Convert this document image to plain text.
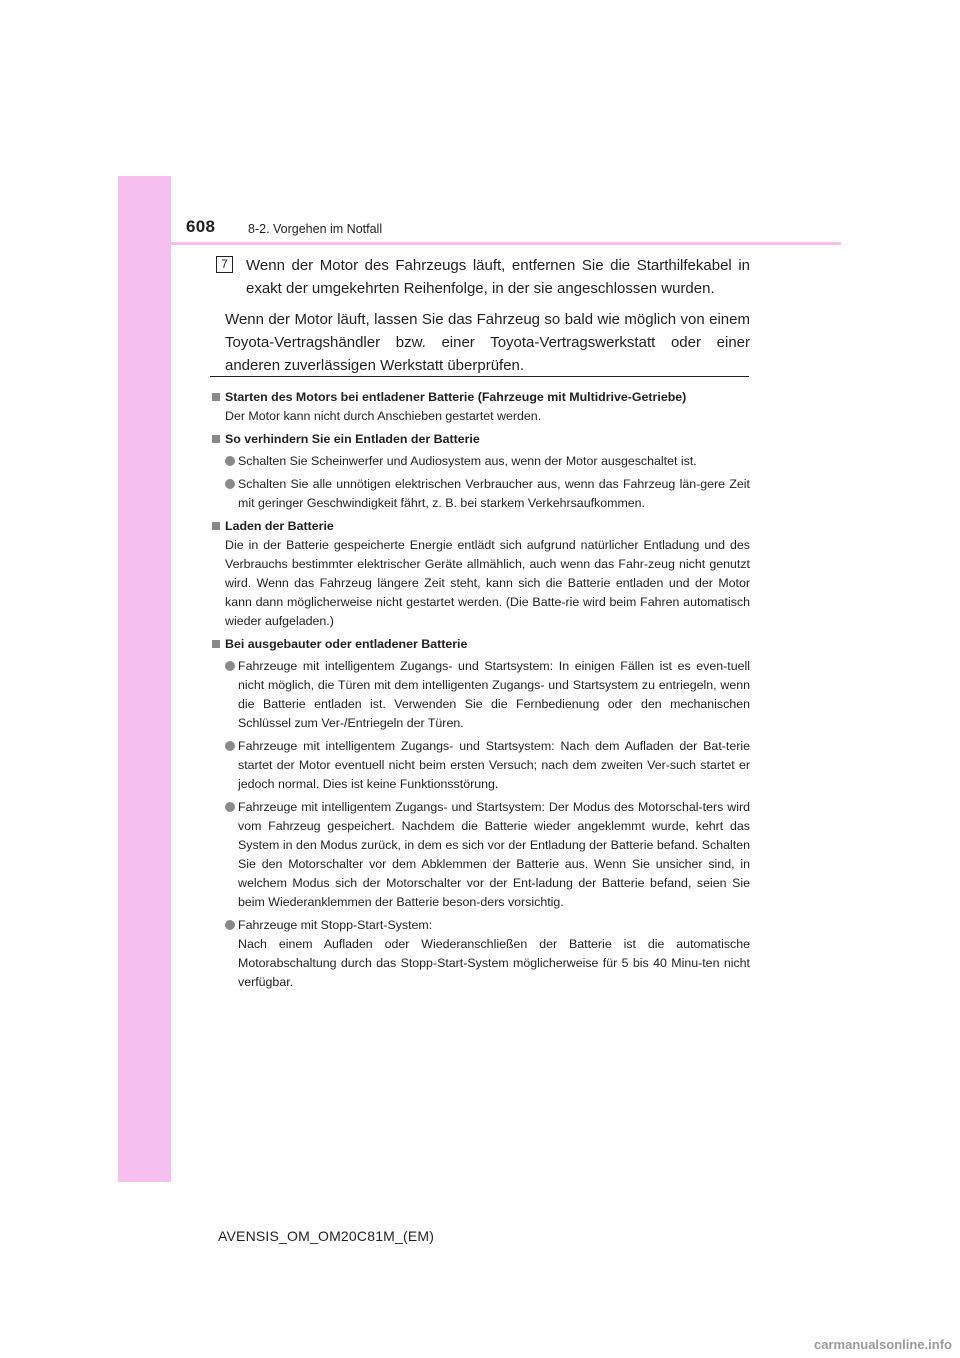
608	8-2. Vorgehen im Notfall
7	Wenn der Motor des Fahrzeugs läuft, entfernen Sie die Starthilfekabel in exakt der umgekehrten Reihenfolge, in der sie angeschlossen wurden.

Wenn der Motor läuft, lassen Sie das Fahrzeug so bald wie möglich von einem Toyota-Vertragshändler bzw. einer Toyota-Vertragswerkstatt oder einer anderen zuverlässigen Werkstatt überprüfen.

Starten des Motors bei entladener Batterie (Fahrzeuge mit Multidrive-Getriebe)
Der Motor kann nicht durch Anschieben gestartet werden.
So verhindern Sie ein Entladen der Batterie
Schalten Sie Scheinwerfer und Audiosystem aus, wenn der Motor ausgeschaltet ist.
Schalten Sie alle unnötigen elektrischen Verbraucher aus, wenn das Fahrzeug län-gere Zeit mit geringer Geschwindigkeit fährt, z. B. bei starkem Verkehrsaufkommen.
Laden der Batterie
Die in der Batterie gespeicherte Energie entlädt sich aufgrund natürlicher Entladung und des Verbrauchs bestimmter elektrischer Geräte allmählich, auch wenn das Fahr-zeug nicht genutzt wird. Wenn das Fahrzeug längere Zeit steht, kann sich die Batterie entladen und der Motor kann dann möglicherweise nicht gestartet werden. (Die Batte-rie wird beim Fahren automatisch wieder aufgeladen.)
Bei ausgebauter oder entladener Batterie
Fahrzeuge mit intelligentem Zugangs- und Startsystem: In einigen Fällen ist es even-tuell nicht möglich, die Türen mit dem intelligenten Zugangs- und Startsystem zu entriegeln, wenn die Batterie entladen ist. Verwenden Sie die Fernbedienung oder den mechanischen Schlüssel zum Ver-/Entriegeln der Türen.
Fahrzeuge mit intelligentem Zugangs- und Startsystem: Nach dem Aufladen der Bat-terie startet der Motor eventuell nicht beim ersten Versuch; nach dem zweiten Ver-such startet er jedoch normal. Dies ist keine Funktionsstörung.
Fahrzeuge mit intelligentem Zugangs- und Startsystem: Der Modus des Motorschal-ters wird vom Fahrzeug gespeichert. Nachdem die Batterie wieder angeklemmt wurde, kehrt das System in den Modus zurück, in dem es sich vor der Entladung der Batterie befand. Schalten Sie den Motorschalter vor dem Abklemmen der Batterie aus. Wenn Sie unsicher sind, in welchem Modus sich der Motorschalter vor der Ent-ladung der Batterie befand, seien Sie beim Wiederanklemmen der Batterie beson-ders vorsichtig.
Fahrzeuge mit Stopp-Start-System:
Nach einem Aufladen oder Wiederanschließen der Batterie ist die automatische Motorabschaltung durch das Stopp-Start-System möglicherweise für 5 bis 40 Minu-ten nicht verfügbar.
AVENSIS_OM_OM20C81M_(EM)
carmanualsonline.info
